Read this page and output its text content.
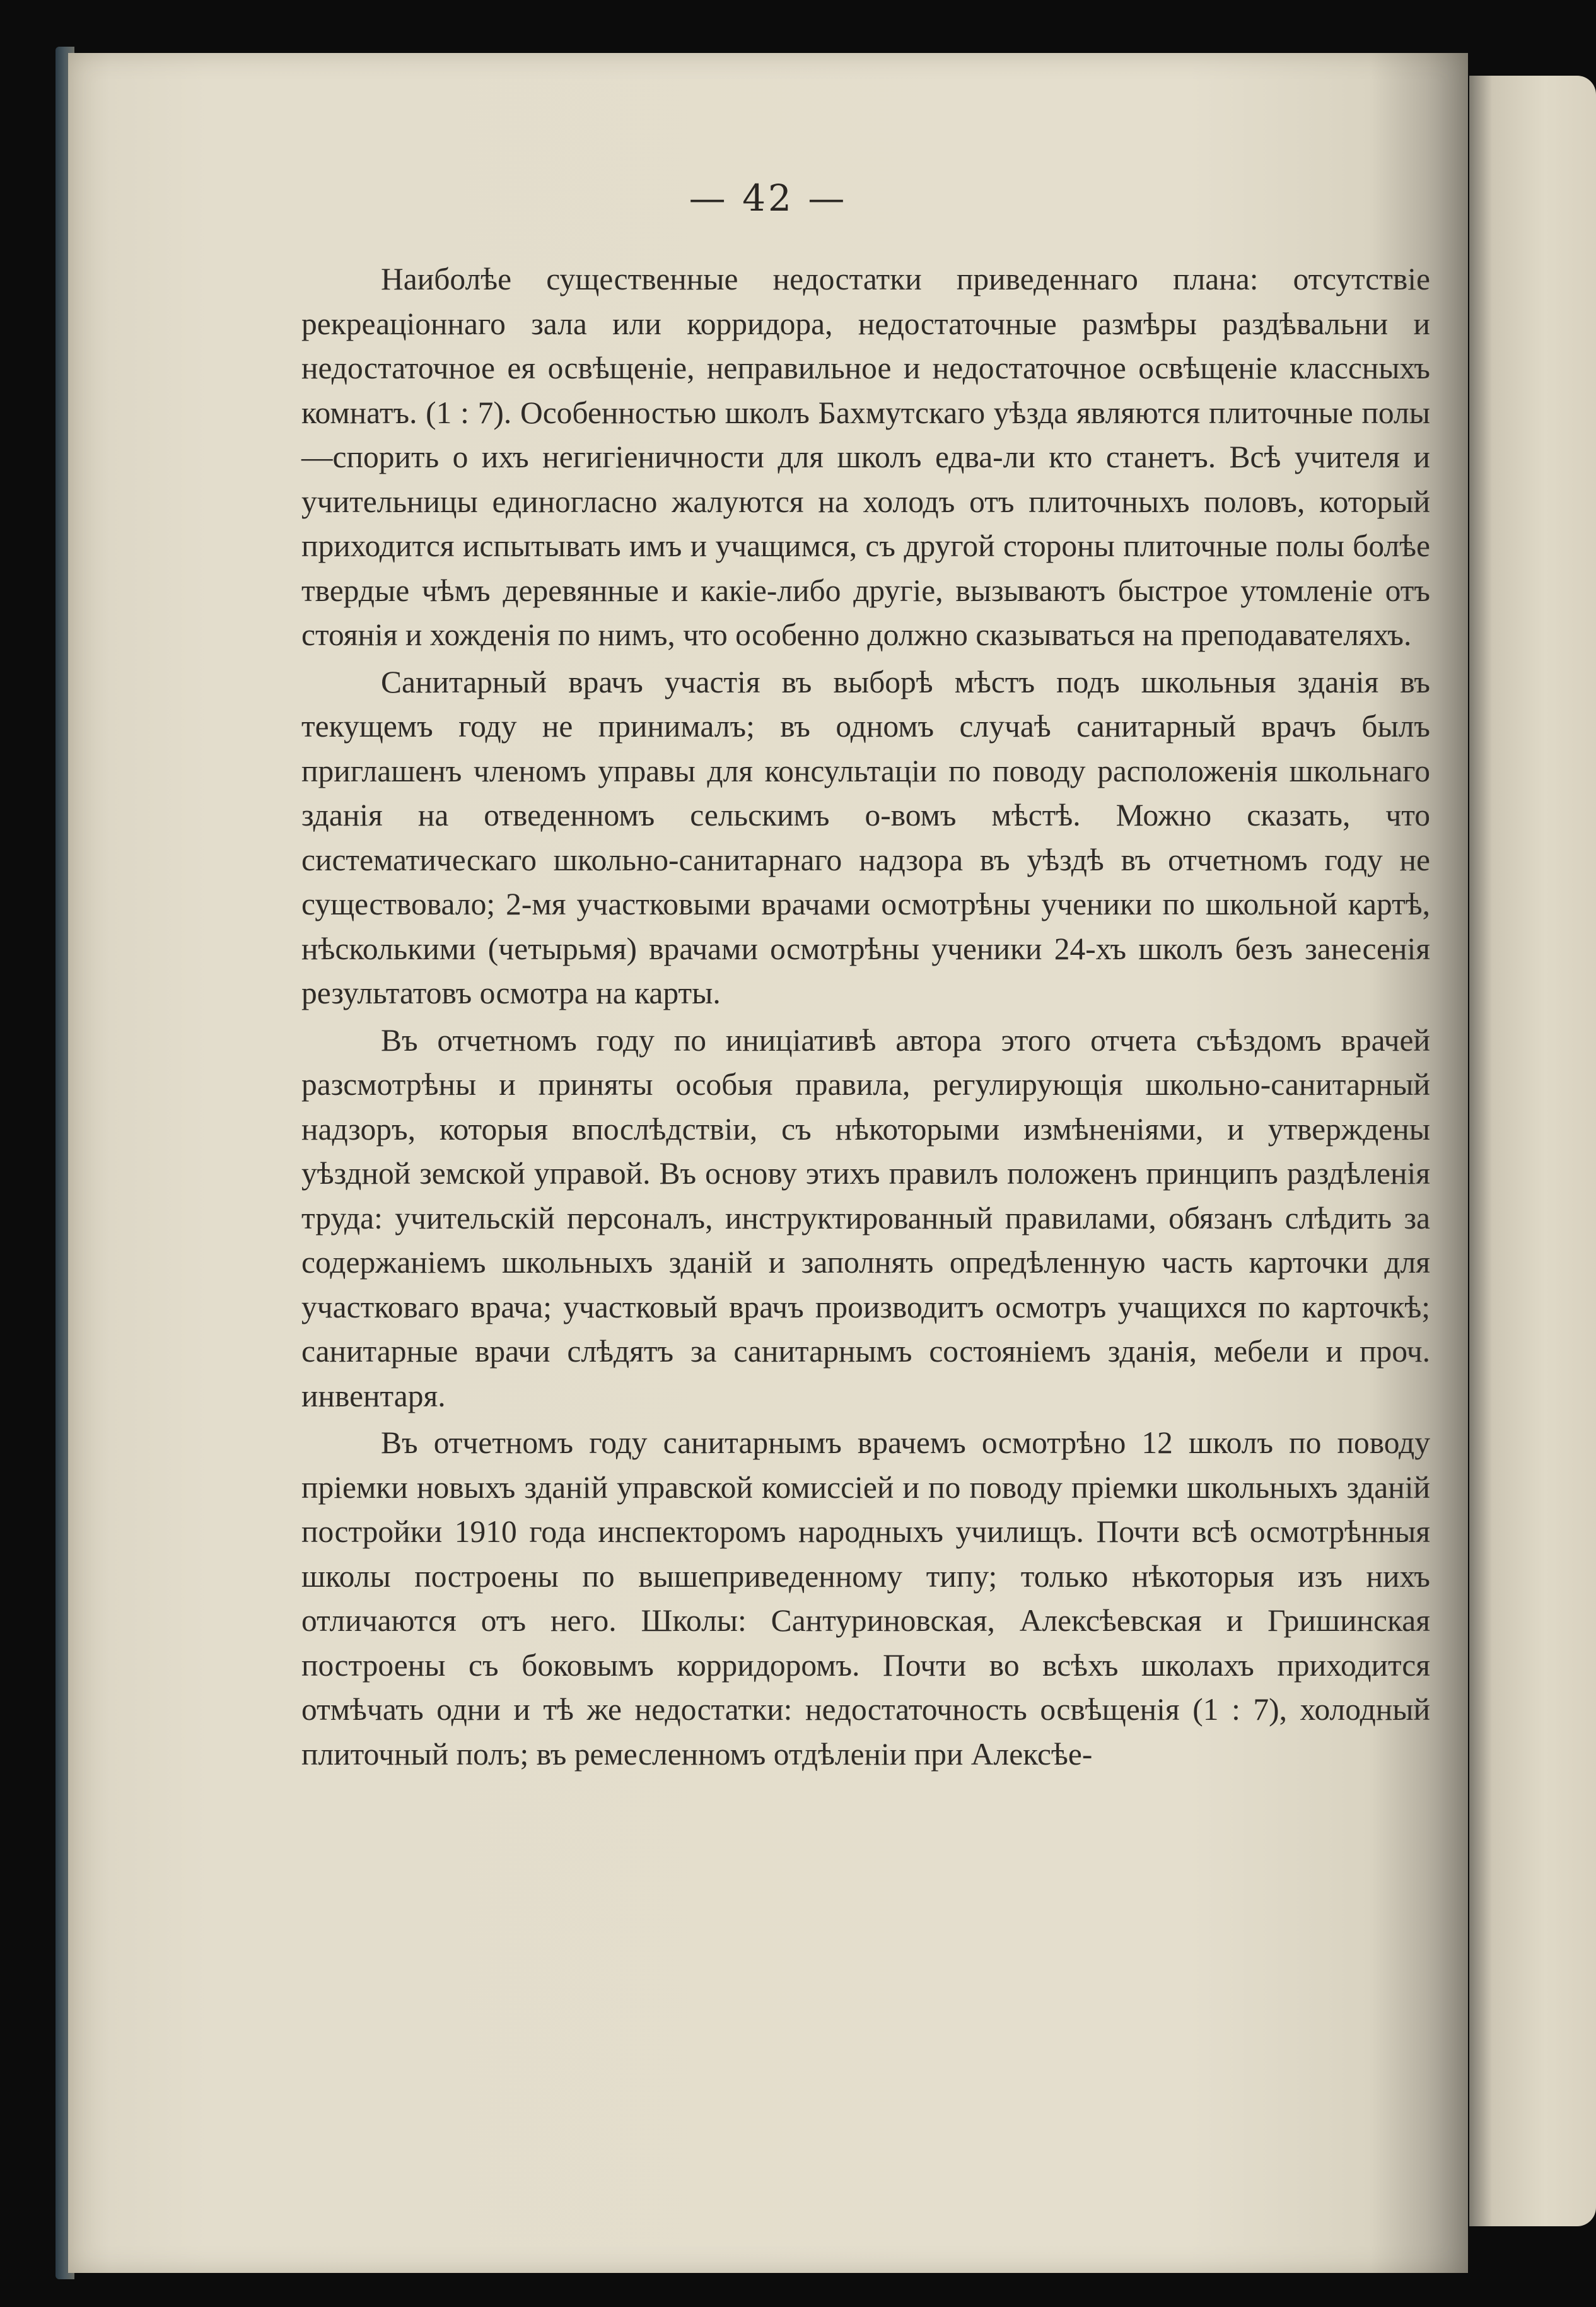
— 42 —

Наиболѣе существенные недостатки приведеннаго плана: отсутствіе рекреаціоннаго зала или корридора, недостаточные размѣры раздѣвальни и недостаточное ея освѣщеніе, неправильное и недостаточное освѣщеніе классныхъ комнатъ. (1 : 7). Особенностью школъ Бахмутскаго уѣзда являются плиточные полы—спорить о ихъ негигіеничности для школъ едва-ли кто станетъ. Всѣ учителя и учительницы единогласно жалуются на холодъ отъ плиточныхъ половъ, который приходится испытывать имъ и учащимся, съ другой стороны плиточные полы болѣе твердые чѣмъ деревянные и какіе-либо другіе, вызываютъ быстрое утомленіе отъ стоянія и хожденія по нимъ, что особенно должно сказываться на преподавателяхъ.

Санитарный врачъ участія въ выборѣ мѣстъ подъ школьныя зданія въ текущемъ году не принималъ; въ одномъ случаѣ санитарный врачъ былъ приглашенъ членомъ управы для консультаціи по поводу расположенія школьнаго зданія на отведенномъ сельскимъ о-вомъ мѣстѣ. Можно сказать, что систематическаго школьно-санитарнаго надзора въ уѣздѣ въ отчетномъ году не существовало; 2-мя участковыми врачами осмотрѣны ученики по школьной картѣ, нѣсколькими (четырьмя) врачами осмотрѣны ученики 24-хъ школъ безъ занесенія результатовъ осмотра на карты.

Въ отчетномъ году по иниціативѣ автора этого отчета съѣздомъ врачей разсмотрѣны и приняты особыя правила, регулирующія школьно-санитарный надзоръ, которыя впослѣдствіи, съ нѣкоторыми измѣненіями, и утверждены уѣздной земской управой. Въ основу этихъ правилъ положенъ принципъ раздѣленія труда: учительскій персоналъ, инструктированный правилами, обязанъ слѣдить за содержаніемъ школьныхъ зданій и заполнять опредѣленную часть карточки для участковаго врача; участковый врачъ производитъ осмотръ учащихся по карточкѣ; санитарные врачи слѣдятъ за санитарнымъ состояніемъ зданія, мебели и проч. инвентаря.

Въ отчетномъ году санитарнымъ врачемъ осмотрѣно 12 школъ по поводу пріемки новыхъ зданій управской комиссіей и по поводу пріемки школьныхъ зданій постройки 1910 года инспекторомъ народныхъ училищъ. Почти всѣ осмотрѣнныя школы построены по вышеприведенному типу; только нѣкоторыя изъ нихъ отличаются отъ него. Школы: Сантуриновская, Алексѣевская и Гришинская построены съ боковымъ корридоромъ. Почти во всѣхъ школахъ приходится отмѣчать одни и тѣ же недостатки: недостаточность освѣщенія (1 : 7), холодный плиточный полъ; въ ремесленномъ отдѣленіи при Алексѣе-
